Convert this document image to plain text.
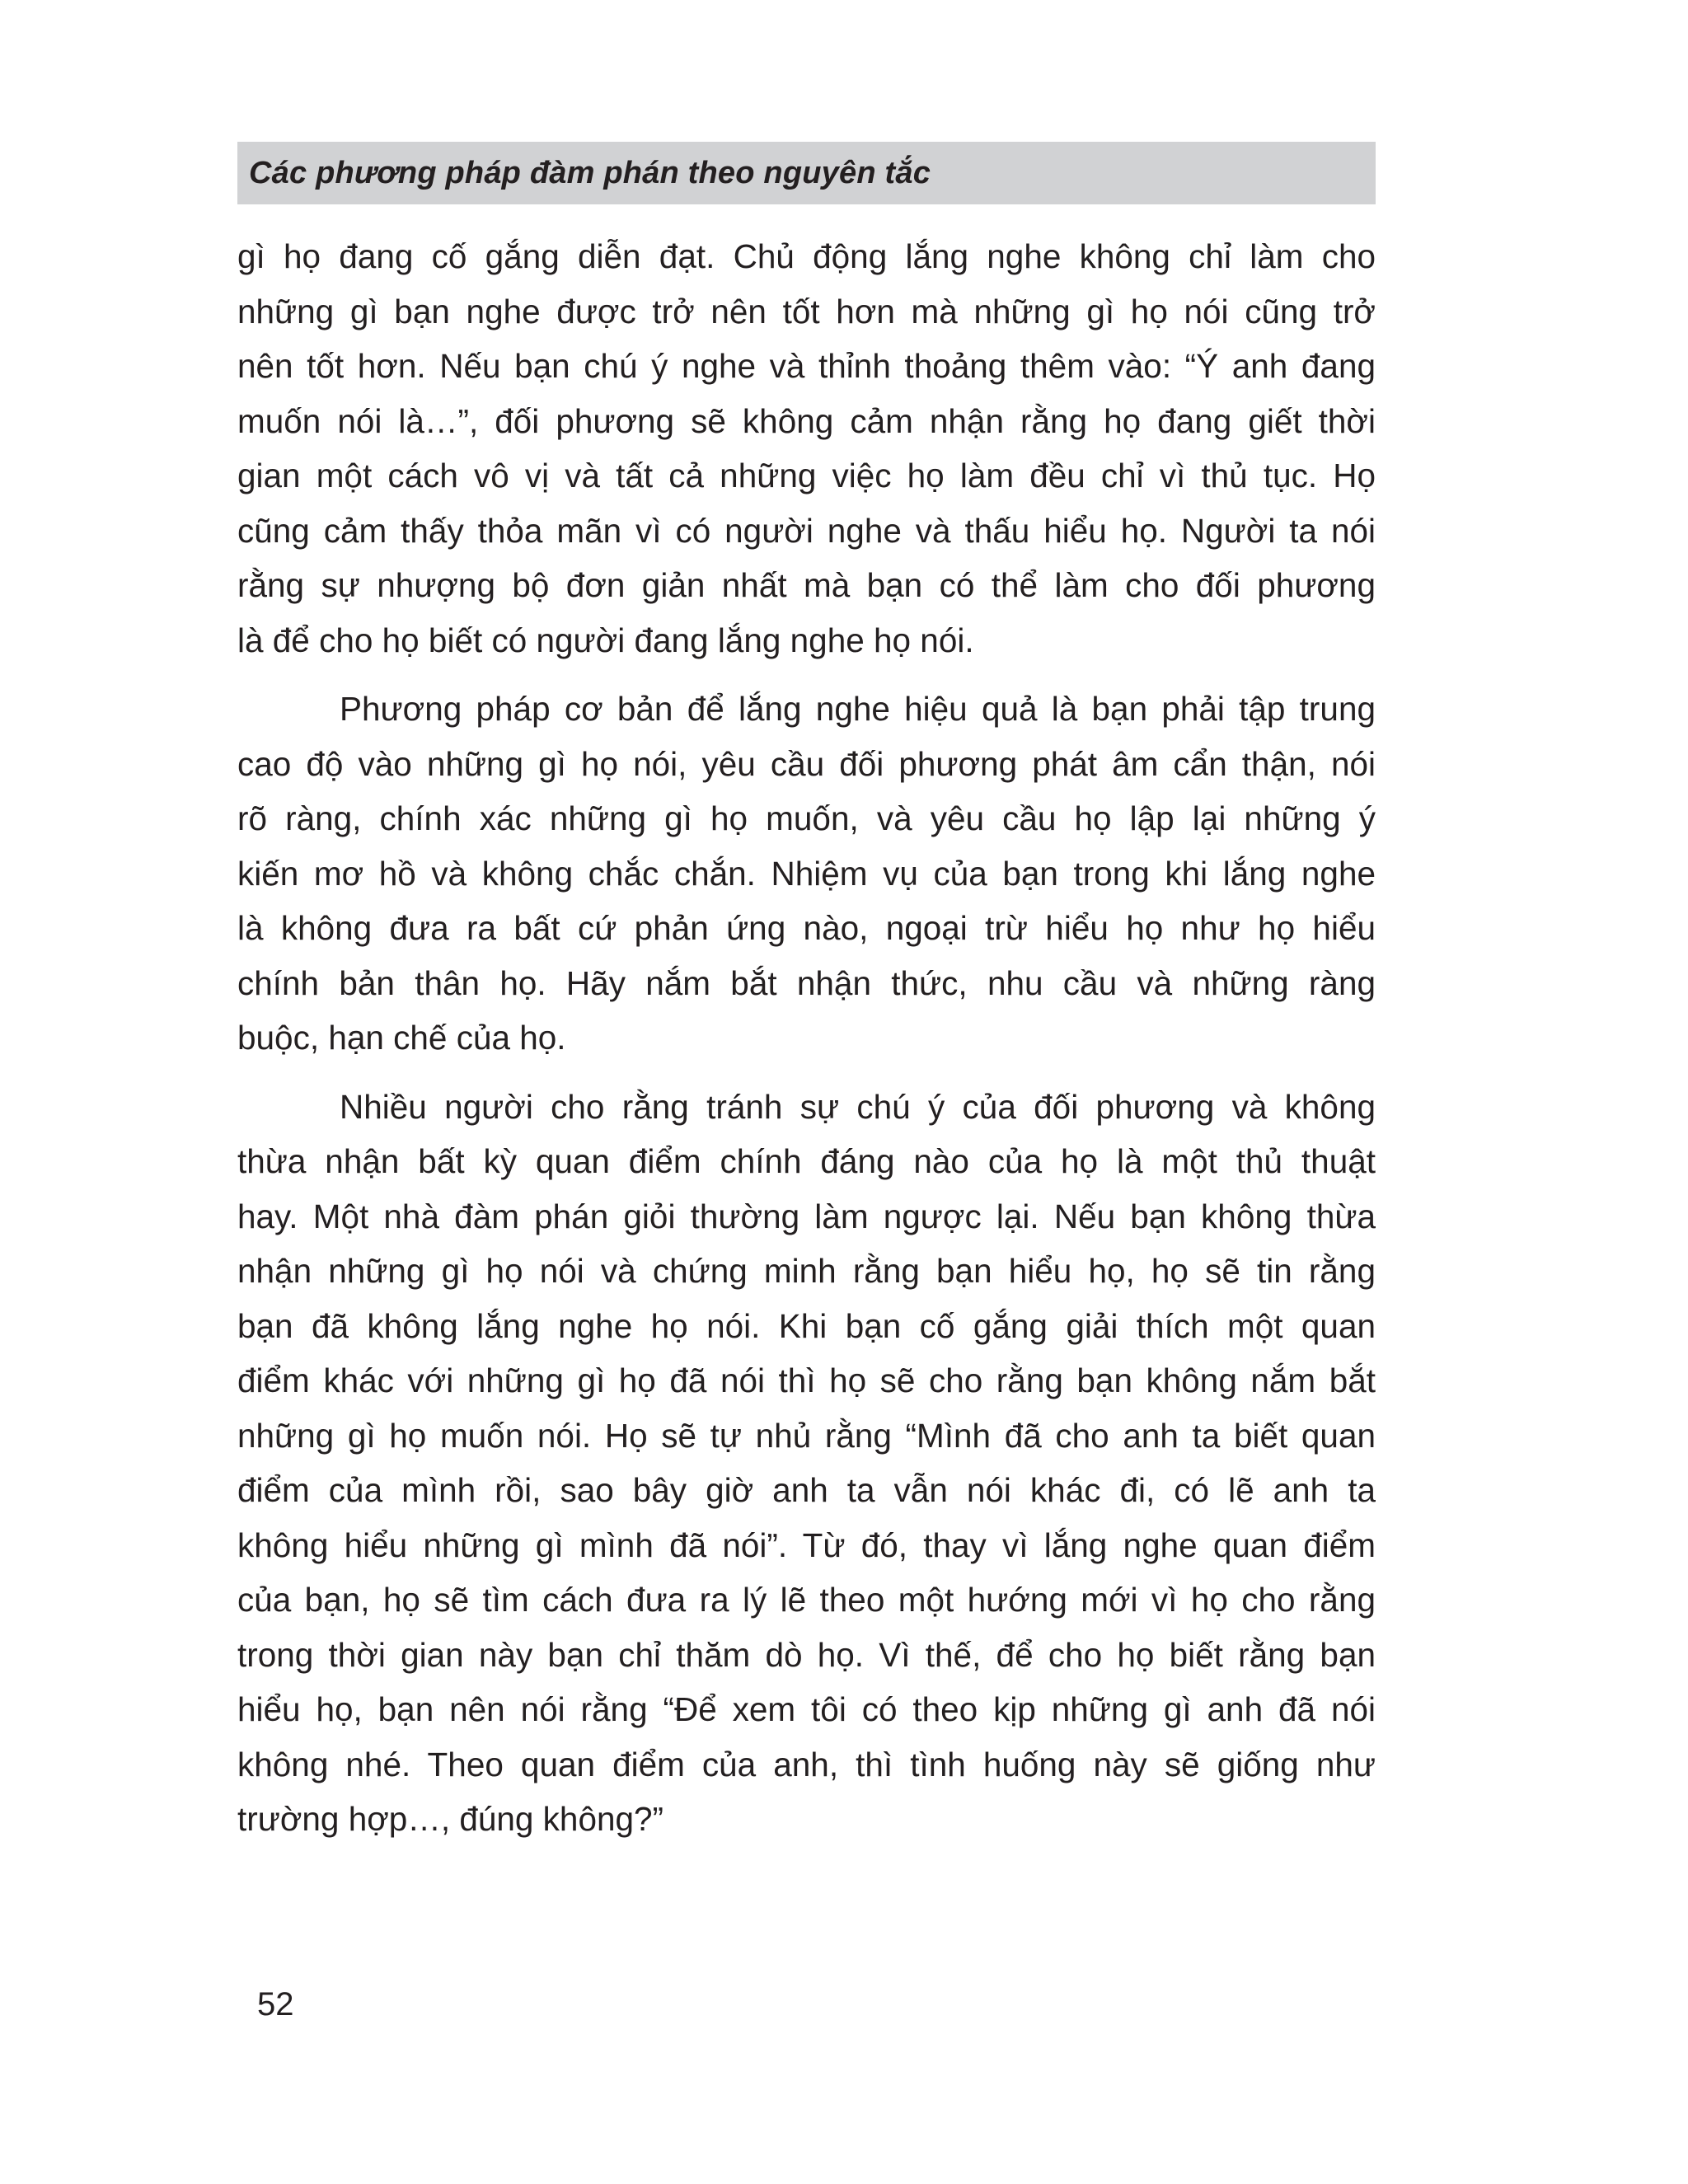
Các phương pháp đàm phán theo nguyên tắc
gì họ đang cố gắng diễn đạt. Chủ động lắng nghe không chỉ làm cho
những gì bạn nghe được trở nên tốt hơn mà những gì họ nói cũng trở
nên tốt hơn. Nếu bạn chú ý nghe và thỉnh thoảng thêm vào: “Ý anh đang
muốn nói là…”, đối phương sẽ không cảm nhận rằng họ đang giết thời
gian một cách vô vị và tất cả những việc họ làm đều chỉ vì thủ tục. Họ
cũng cảm thấy thỏa mãn vì có người nghe và thấu hiểu họ. Người ta nói
rằng sự nhượng bộ đơn giản nhất mà bạn có thể làm cho đối phương
là để cho họ biết có người đang lắng nghe họ nói.
Phương pháp cơ bản để lắng nghe hiệu quả là bạn phải tập trung
cao độ vào những gì họ nói, yêu cầu đối phương phát âm cẩn thận, nói
rõ ràng, chính xác những gì họ muốn, và yêu cầu họ lập lại những ý
kiến mơ hồ và không chắc chắn. Nhiệm vụ của bạn trong khi lắng nghe
là không đưa ra bất cứ phản ứng nào, ngoại trừ hiểu họ như họ hiểu
chính bản thân họ. Hãy nắm bắt nhận thức, nhu cầu và những ràng
buộc, hạn chế của họ.
Nhiều người cho rằng tránh sự chú ý của đối phương và không
thừa nhận bất kỳ quan điểm chính đáng nào của họ là một thủ thuật
hay. Một nhà đàm phán giỏi thường làm ngược lại. Nếu bạn không thừa
nhận những gì họ nói và chứng minh rằng bạn hiểu họ, họ sẽ tin rằng
bạn đã không lắng nghe họ nói. Khi bạn cố gắng giải thích một quan
điểm khác với những gì họ đã nói thì họ sẽ cho rằng bạn không nắm bắt
những gì họ muốn nói. Họ sẽ tự nhủ rằng “Mình đã cho anh ta biết quan
điểm của mình rồi, sao bây giờ anh ta vẫn nói khác đi, có lẽ anh ta
không hiểu những gì mình đã nói”. Từ đó, thay vì lắng nghe quan điểm
của bạn, họ sẽ tìm cách đưa ra lý lẽ theo một hướng mới vì họ cho rằng
trong thời gian này bạn chỉ thăm dò họ. Vì thế, để cho họ biết rằng bạn
hiểu họ, bạn nên nói rằng “Để xem tôi có theo kịp những gì anh đã nói
không nhé. Theo quan điểm của anh, thì tình huống này sẽ giống như
trường hợp…, đúng không?”
52
